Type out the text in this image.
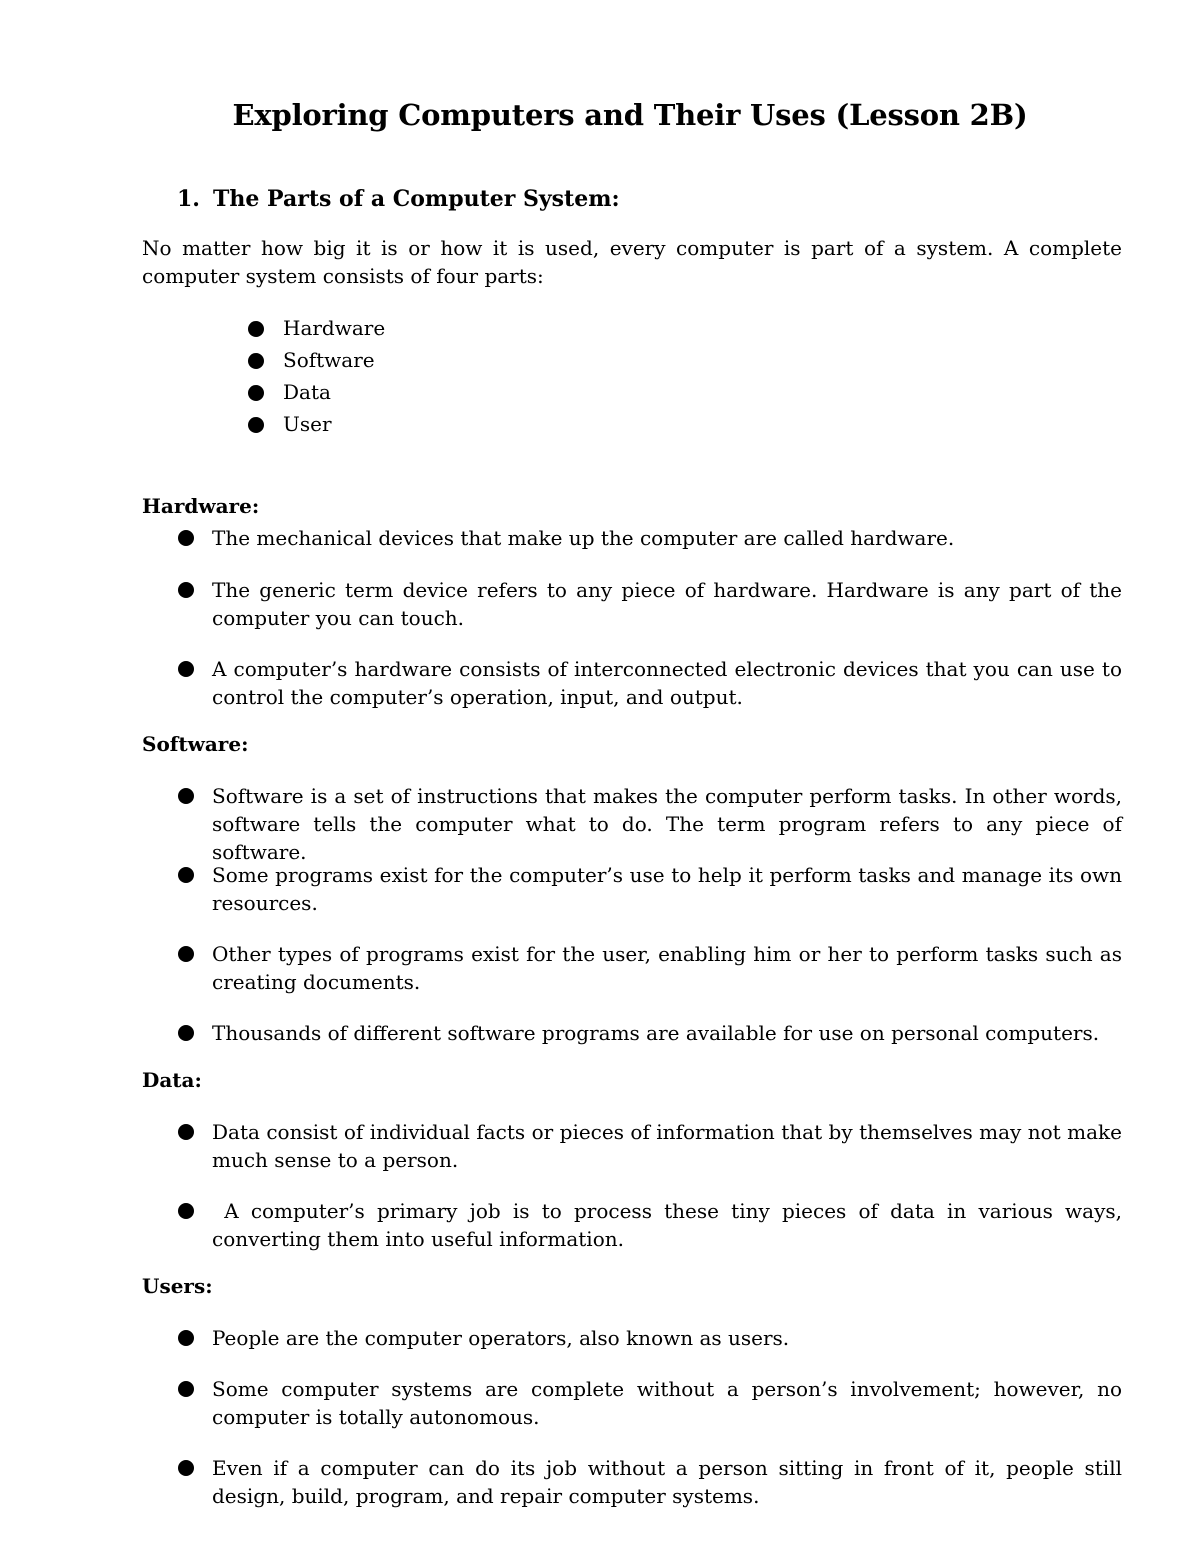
Exploring Computers and Their Uses (Lesson 2B)
1. The Parts of a Computer System:

No matter how big it is or how it is used, every computer is part of a system. A complete computer system consists of four parts:

Hardware
Software
Data
User

Hardware:

The mechanical devices that make up the computer are called hardware.
The generic term device refers to any piece of hardware. Hardware is any part of the computer you can touch.
A computer’s hardware consists of interconnected electronic devices that you can use to control the computer’s operation, input, and output.

Software:

Software is a set of instructions that makes the computer perform tasks. In other words, software tells the computer what to do. The term program refers to any piece of software.
Some programs exist for the computer’s use to help it perform tasks and manage its own resources.
Other types of programs exist for the user, enabling him or her to perform tasks such as creating documents.
Thousands of different software programs are available for use on personal computers.

Data:

Data consist of individual facts or pieces of information that by themselves may not make much sense to a person.
A computer’s primary job is to process these tiny pieces of data in various ways, converting them into useful information.

Users:

People are the computer operators, also known as users.
Some computer systems are complete without a person’s involvement; however, no computer is totally autonomous.
Even if a computer can do its job without a person sitting in front of it, people still design, build, program, and repair computer systems.
